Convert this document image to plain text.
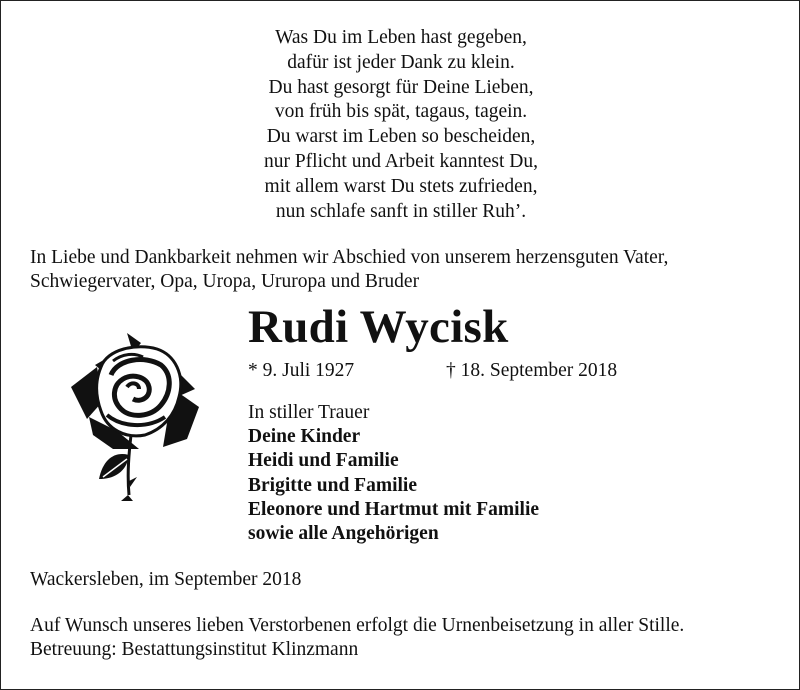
Was Du im Leben hast gegeben,
dafür ist jeder Dank zu klein.
Du hast gesorgt für Deine Lieben,
von früh bis spät, tagaus, tagein.
Du warst im Leben so bescheiden,
nur Pflicht und Arbeit kanntest Du,
mit allem warst Du stets zufrieden,
nun schlafe sanft in stiller Ruh’.
In Liebe und Dankbarkeit nehmen wir Abschied von unserem herzensguten Vater,
Schwiegervater, Opa, Uropa, Ururopa und Bruder
Rudi Wycisk
* 9. Juli 1927	† 18. September 2018
In stiller Trauer
Deine Kinder
Heidi und Familie
Brigitte und Familie
Eleonore und Hartmut mit Familie
sowie alle Angehörigen
Wackersleben, im September 2018
Auf Wunsch unseres lieben Verstorbenen erfolgt die Urnenbeisetzung in aller Stille.
Betreuung: Bestattungsinstitut Klinzmann
